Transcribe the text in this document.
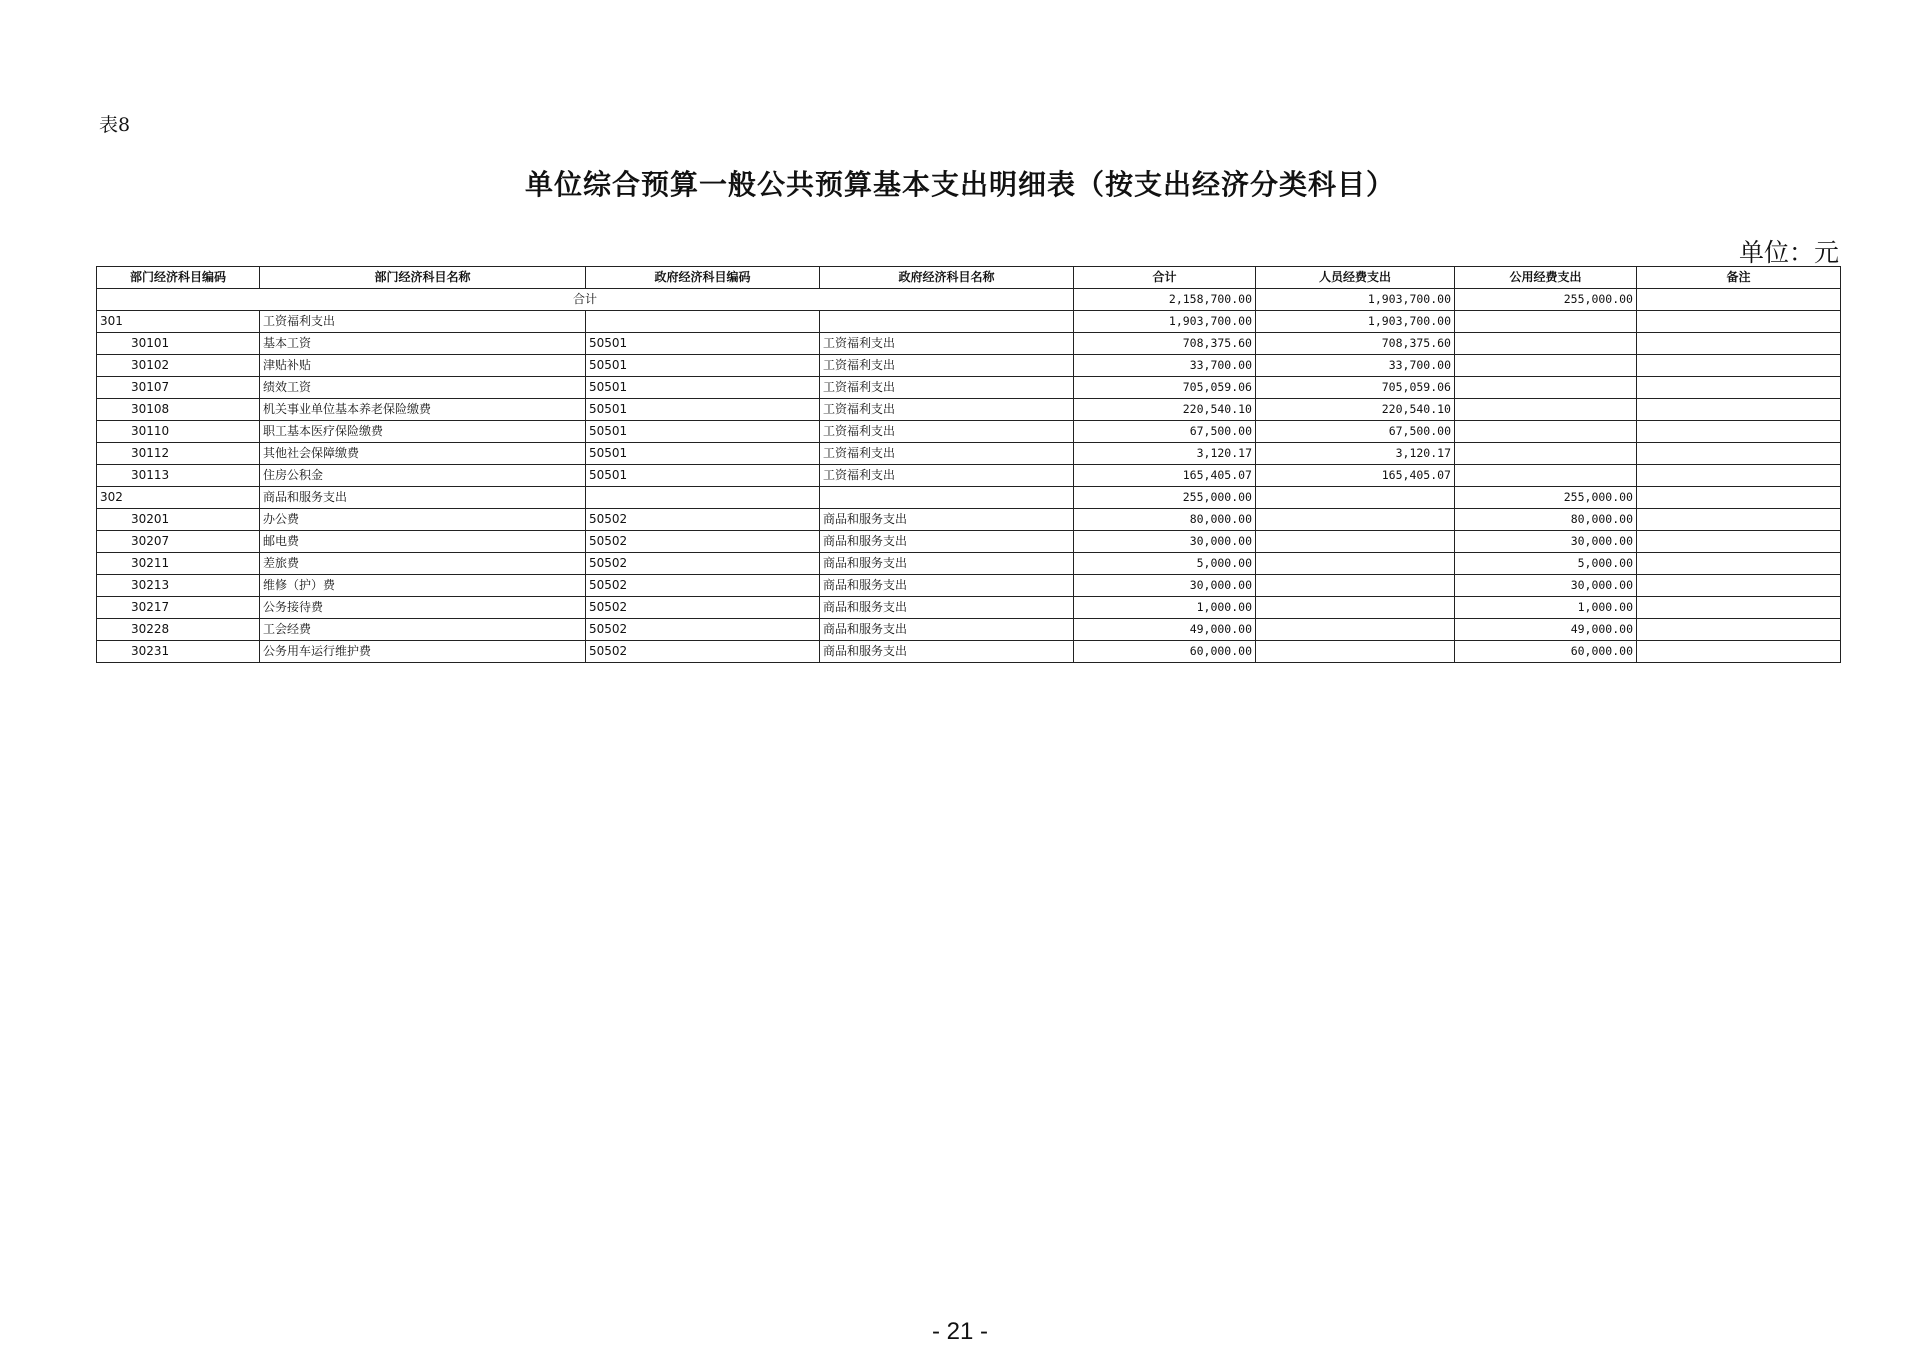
表8
单位综合预算一般公共预算基本支出明细表（按支出经济分类科目）
单位：元
部门经济科目编码	部门经济科目名称	政府经济科目编码	政府经济科目名称	合计	人员经费支出	公用经费支出	备注
合计				2,158,700.00	1,903,700.00	255,000.00	
301	工资福利支出			1,903,700.00	1,903,700.00		
30101	基本工资	50501	工资福利支出	708,375.60	708,375.60		
30102	津贴补贴	50501	工资福利支出	33,700.00	33,700.00		
30107	绩效工资	50501	工资福利支出	705,059.06	705,059.06		
30108	机关事业单位基本养老保险缴费	50501	工资福利支出	220,540.10	220,540.10		
30110	职工基本医疗保险缴费	50501	工资福利支出	67,500.00	67,500.00		
30112	其他社会保障缴费	50501	工资福利支出	3,120.17	3,120.17		
30113	住房公积金	50501	工资福利支出	165,405.07	165,405.07		
302	商品和服务支出			255,000.00		255,000.00	
30201	办公费	50502	商品和服务支出	80,000.00		80,000.00	
30207	邮电费	50502	商品和服务支出	30,000.00		30,000.00	
30211	差旅费	50502	商品和服务支出	5,000.00		5,000.00	
30213	维修（护）费	50502	商品和服务支出	30,000.00		30,000.00	
30217	公务接待费	50502	商品和服务支出	1,000.00		1,000.00	
30228	工会经费	50502	商品和服务支出	49,000.00		49,000.00	
30231	公务用车运行维护费	50502	商品和服务支出	60,000.00		60,000.00	
- 21 -
